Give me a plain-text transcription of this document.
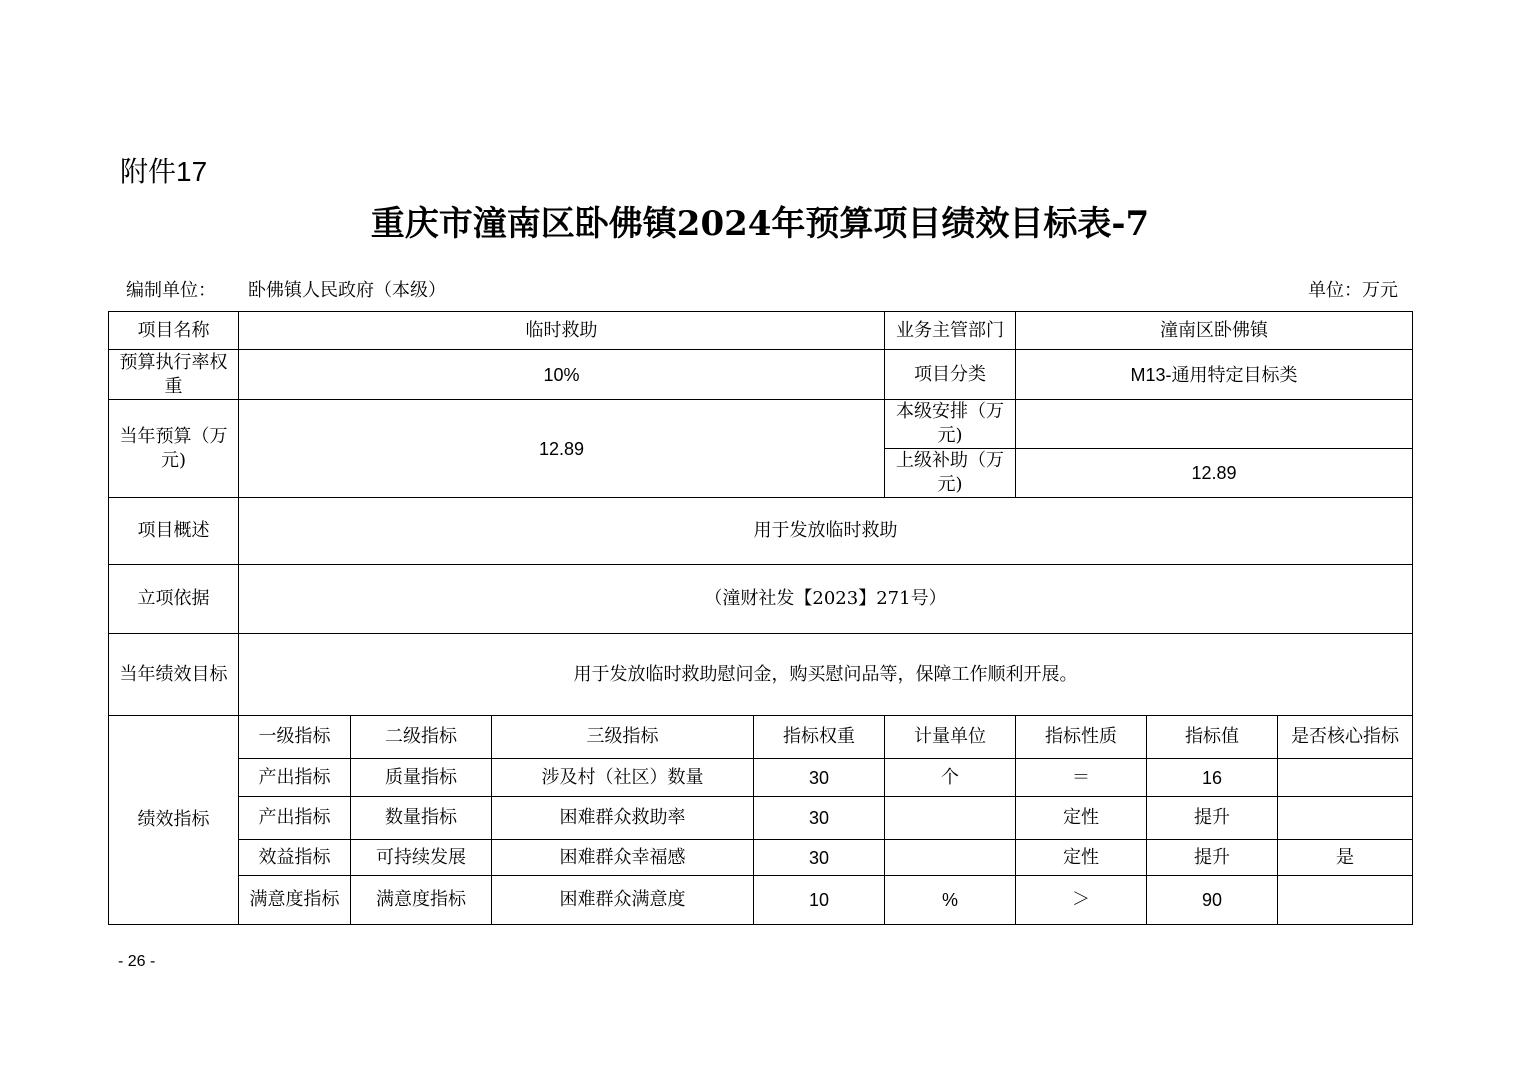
附件17
重庆市潼南区卧佛镇2024年预算项目绩效目标表-7
编制单位： 卧佛镇人民政府（本级）	单位：万元
项目名称	临时救助				业务主管部门	潼南区卧佛镇		
预算执行率权重	10%				项目分类	M13-通用特定目标类		
当年预算（万元)	12.89				本级安排（万元)			
					上级补助（万元)	12.89		
项目概述	用于发放临时救助							
立项依据	（潼财社发【2023】271号）							
当年绩效目标	用于发放临时救助慰问金，购买慰问品等，保障工作顺利开展。							
绩效指标	一级指标	二级指标	三级指标	指标权重	计量单位	指标性质	指标值	是否核心指标
	产出指标	质量指标	涉及村（社区）数量	30	个	＝	16	
	产出指标	数量指标	困难群众救助率	30		定性	提升	
	效益指标	可持续发展	困难群众幸福感	30		定性	提升	是
	满意度指标	满意度指标	困难群众满意度	10	%	＞	90	
- 26 -
